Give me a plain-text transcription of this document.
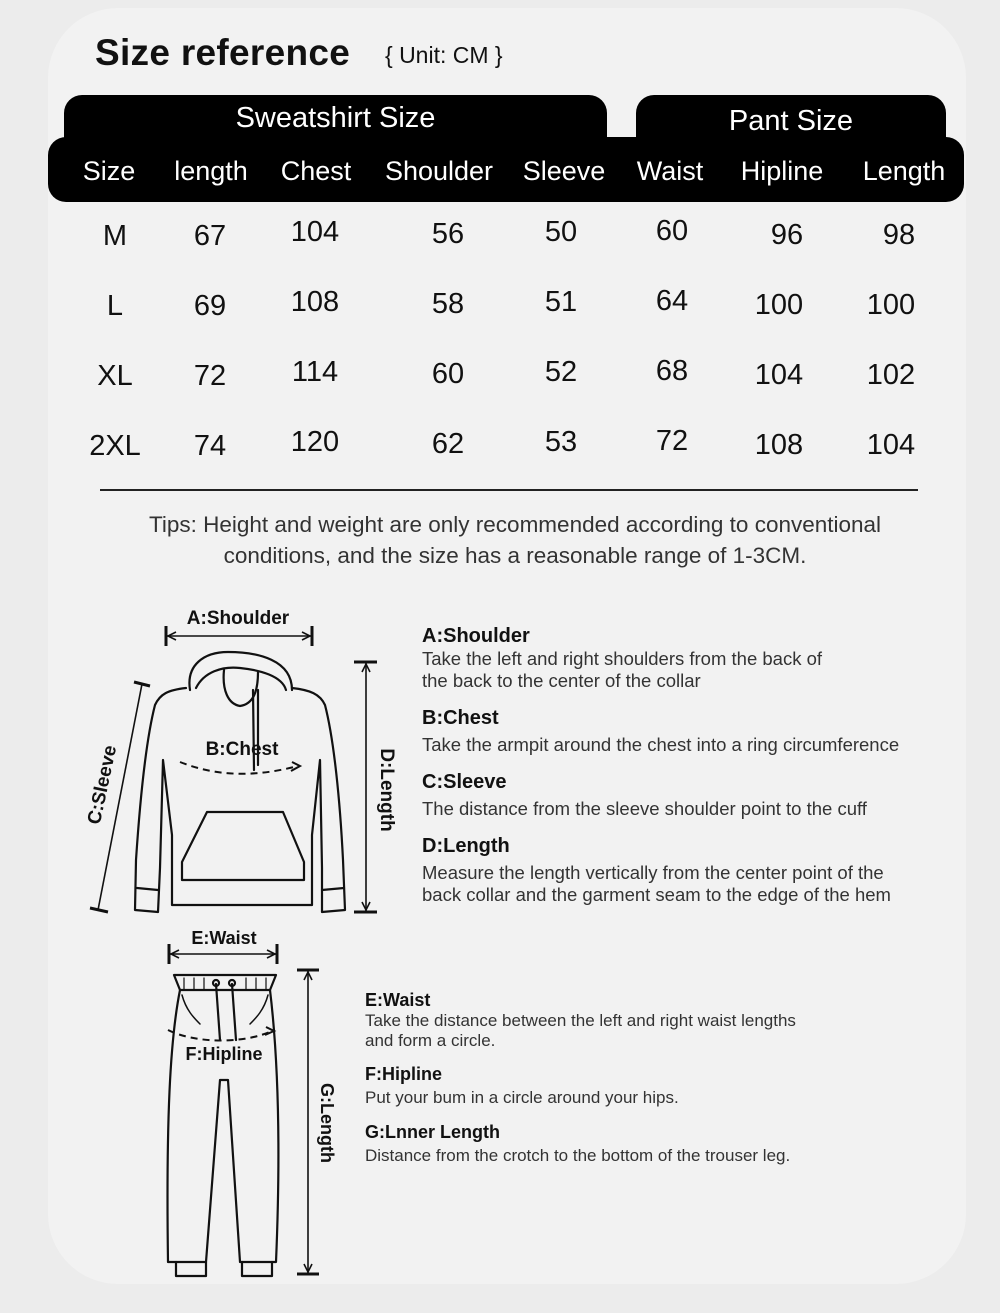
Size reference { Unit: CM }
Sweatshirt Size	Pant Size
Size	length	Chest	Shoulder	Sleeve	Waist	Hipline	Length
M	67	104	56	50	60	96	98
L	69	108	58	51	64	100	100
XL	72	114	60	52	68	104	102
2XL	74	120	62	53	72	108	104
Tips: Height and weight are only recommended according to conventional
conditions, and the size has a reasonable range of 1-3CM.
A:Shoulder
B:Chest
C:Sleeve	D:Length
E:Waist
F:Hipline
G:Length
A:Shoulder
Take the left and right shoulders from the back of
the back to the center of the collar
B:Chest
Take the armpit around the chest into a ring circumference
C:Sleeve
The distance from the sleeve shoulder point to the cuff
D:Length
Measure the length vertically from the center point of the
back collar and the garment seam to the edge of the hem
E:Waist
Take the distance between the left and right waist lengths
and form a circle.
F:Hipline
Put your bum in a circle around your hips.
G:Lnner Length
Distance from the crotch to the bottom of the trouser leg.
